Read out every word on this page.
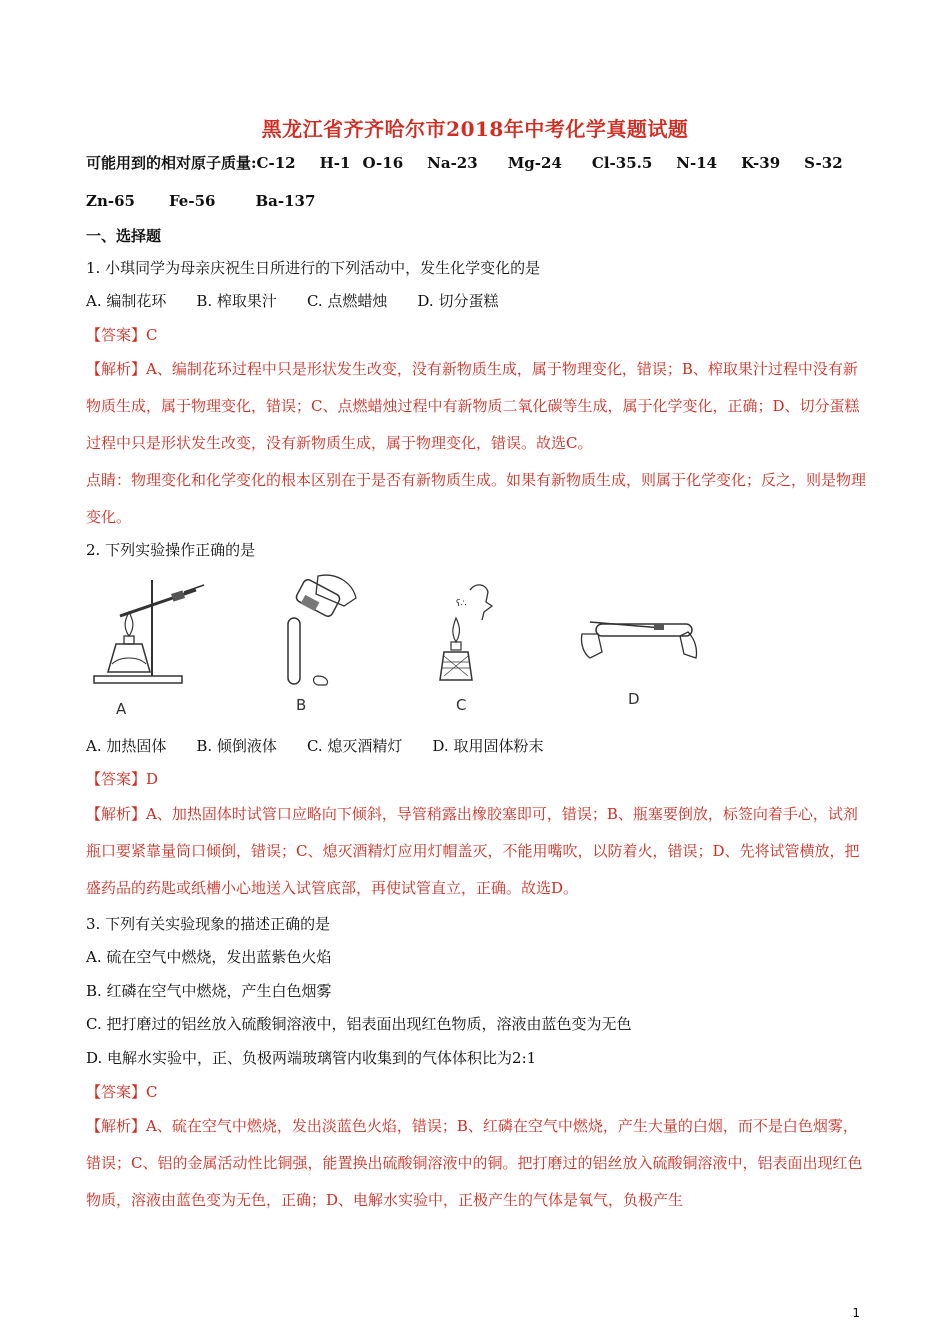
黑龙江省齐齐哈尔市2018年中考化学真题试题
可能用到的相对原子质量:C-12 H-1 O-16 Na-23 Mg-24 Cl-35.5 N-14 K-39 S-32
Zn-65 Fe-56	Ba-137
一、选择题
1. 小琪同学为母亲庆祝生日所进行的下列活动中，发生化学变化的是
A. 编制花环 B. 榨取果汁 C. 点燃蜡烛 D. 切分蛋糕
【答案】C
【解析】A、编制花环过程中只是形状发生改变，没有新物质生成，属于物理变化，错误；B、榨取果汁过程中没有新物质生成，属于物理变化，错误；C、点燃蜡烛过程中有新物质二氧化碳等生成，属于化学变化，正确；D、切分蛋糕过程中只是形状发生改变，没有新物质生成，属于物理变化，错误。故选C。
点睛：物理变化和化学变化的根本区别在于是否有新物质生成。如果有新物质生成，则属于化学变化；反之，则是物理变化。
2. 下列实验操作正确的是
A	B
ʕ∴
C	D
A. 加热固体 B. 倾倒液体 C. 熄灭酒精灯 D. 取用固体粉末
【答案】D
【解析】A、加热固体时试管口应略向下倾斜，导管稍露出橡胶塞即可，错误；B、瓶塞要倒放，标签向着手心，试剂瓶口要紧靠量筒口倾倒，错误；C、熄灭酒精灯应用灯帽盖灭，不能用嘴吹，以防着火，错误；D、先将试管横放，把盛药品的药匙或纸槽小心地送入试管底部，再使试管直立，正确。故选D。
3. 下列有关实验现象的描述正确的是
A. 硫在空气中燃烧，发出蓝紫色火焰
B. 红磷在空气中燃烧，产生白色烟雾
C. 把打磨过的铝丝放入硫酸铜溶液中，铝表面出现红色物质，溶液由蓝色变为无色
D. 电解水实验中，正、负极两端玻璃管内收集到的气体体积比为2:1
【答案】C
【解析】A、硫在空气中燃烧，发出淡蓝色火焰，错误；B、红磷在空气中燃烧，产生大量的白烟，而不是白色烟雾，错误；C、铝的金属活动性比铜强，能置换出硫酸铜溶液中的铜。把打磨过的铝丝放入硫酸铜溶液中，铝表面出现红色物质，溶液由蓝色变为无色，正确；D、电解水实验中，正极产生的气体是氧气，负极产生
1
